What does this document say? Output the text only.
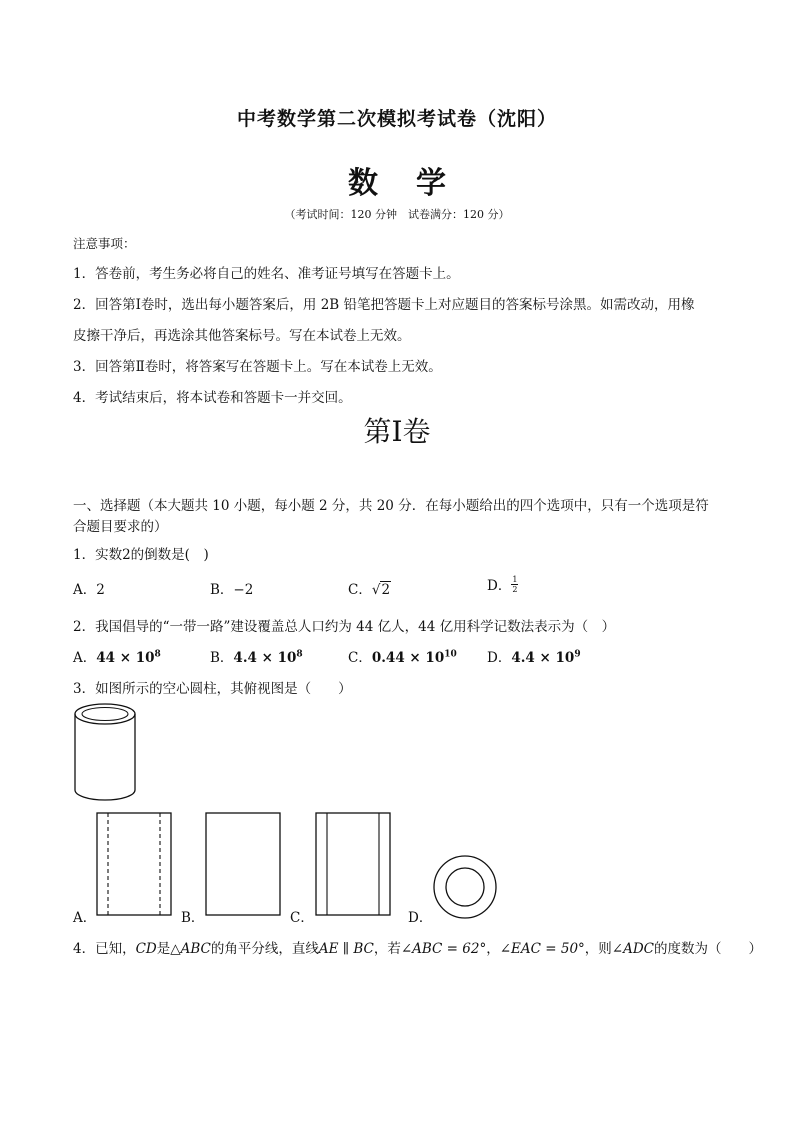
中考数学第二次模拟考试卷（沈阳）
数 学
（考试时间：120 分钟　试卷满分：120 分）
注意事项：
1．答卷前，考生务必将自己的姓名、准考证号填写在答题卡上。
2．回答第Ⅰ卷时，选出每小题答案后，用 2B 铅笔把答题卡上对应题目的答案标号涂黑。如需改动，用橡
皮擦干净后，再选涂其他答案标号。写在本试卷上无效。
3．回答第Ⅱ卷时，将答案写在答题卡上。写在本试卷上无效。
4．考试结束后，将本试卷和答题卡一并交回。
第Ⅰ卷
一、选择题（本大题共 10 小题，每小题 2 分，共 20 分．在每小题给出的四个选项中，只有一个选项是符
合题目要求的）
1．实数2的倒数是(　)
A．2	B．−2	C．√2	D． $\frac{1}{2}$
2．我国倡导的“一带一路”建设覆盖总人口约为 44 亿人，44 亿用科学记数法表示为（　）
A．$44 \times 10^8$	B．$4.4 \times 10^8$	C．$0.44 \times 10^{10}$ D．$4.4 \times 10^9$
3．如图所示的空心圆柱，其俯视图是（　　）
A．	B．	C．	D．
4．已知，CD是△ABC的角平分线，直线AE ∥ BC，若∠ABC = 62°，∠EAC = 50°，则∠ADC的度数为（　　）
